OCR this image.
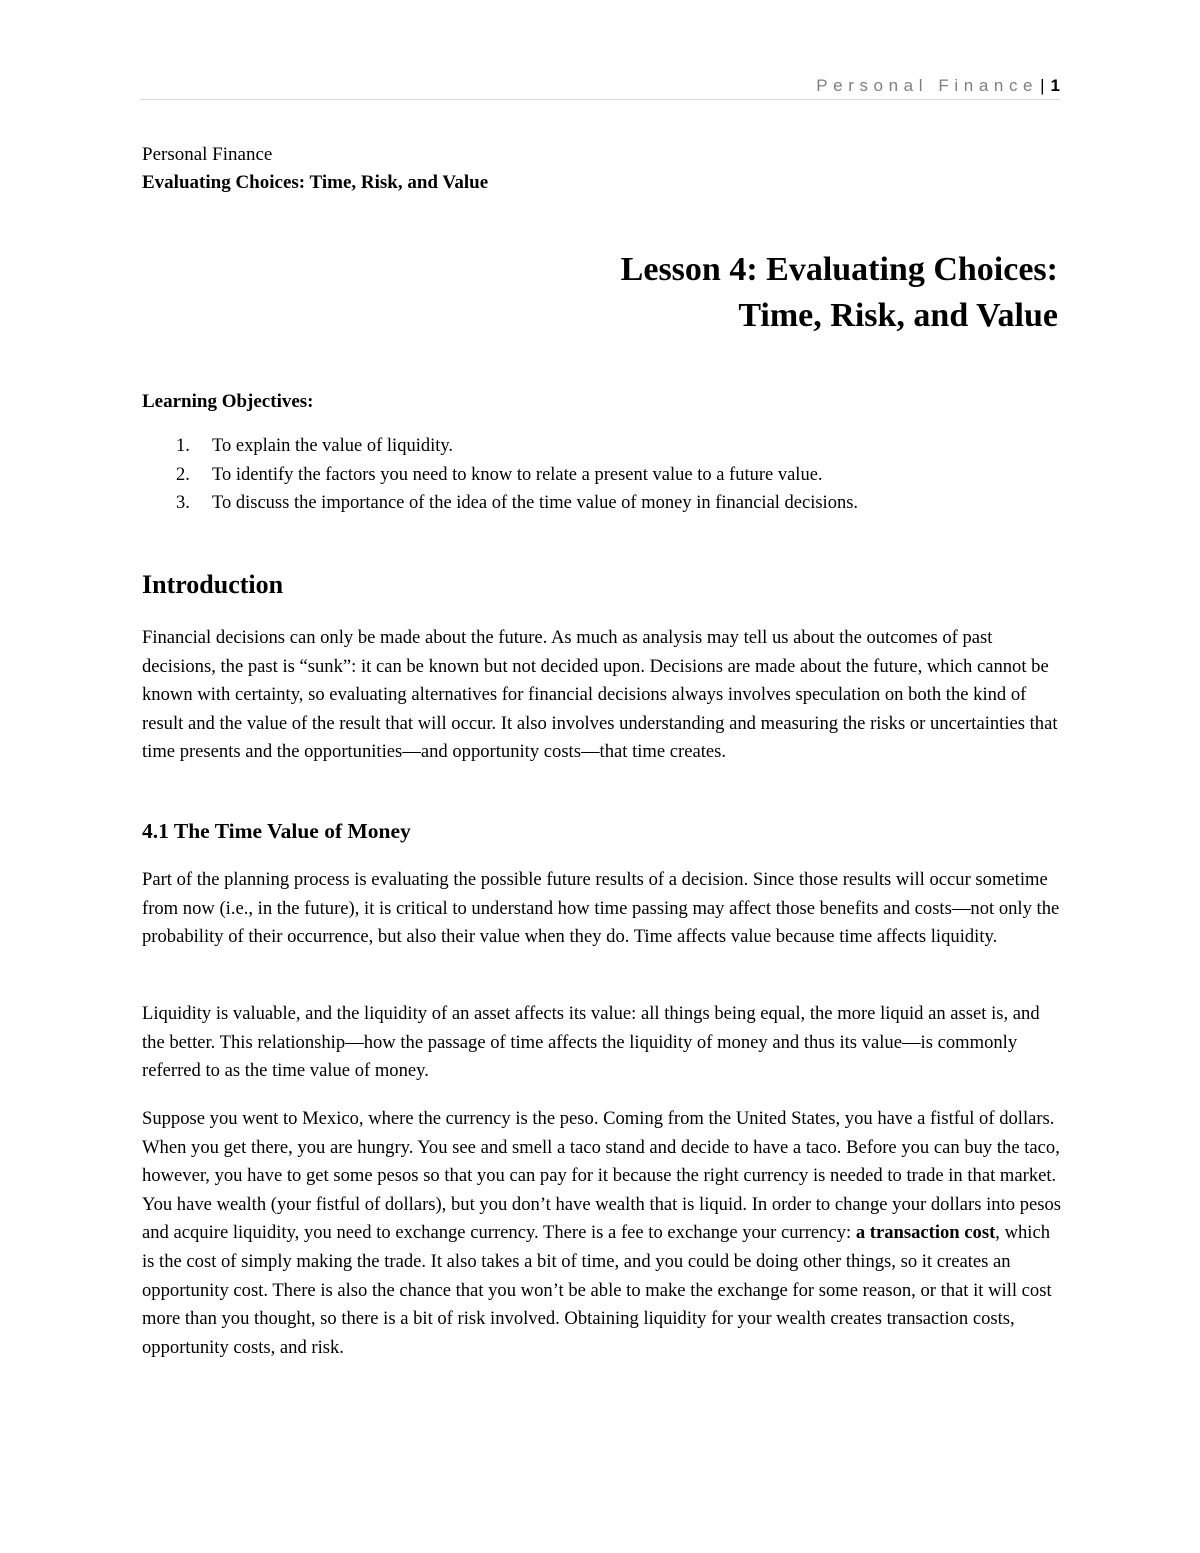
Personal Finance | 1
Personal Finance
Evaluating Choices: Time, Risk, and Value
Lesson 4: Evaluating Choices:
Time, Risk, and Value
Learning Objectives:
1. To explain the value of liquidity.
2. To identify the factors you need to know to relate a present value to a future value.
3. To discuss the importance of the idea of the time value of money in financial decisions.
Introduction

Financial decisions can only be made about the future. As much as analysis may tell us about the outcomes of past decisions, the past is “sunk”: it can be known but not decided upon. Decisions are made about the future, which cannot be known with certainty, so evaluating alternatives for financial decisions always involves speculation on both the kind of result and the value of the result that will occur. It also involves understanding and measuring the risks or uncertainties that time presents and the opportunities—and opportunity costs—that time creates.

4.1 The Time Value of Money

Part of the planning process is evaluating the possible future results of a decision. Since those results will occur sometime from now (i.e., in the future), it is critical to understand how time passing may affect those benefits and costs—not only the probability of their occurrence, but also their value when they do. Time affects value because time affects liquidity.

Liquidity is valuable, and the liquidity of an asset affects its value: all things being equal, the more liquid an asset is, and the better. This relationship—how the passage of time affects the liquidity of money and thus its value—is commonly referred to as the time value of money.

Suppose you went to Mexico, where the currency is the peso. Coming from the United States, you have a fistful of dollars. When you get there, you are hungry. You see and smell a taco stand and decide to have a taco. Before you can buy the taco, however, you have to get some pesos so that you can pay for it because the right currency is needed to trade in that market. You have wealth (your fistful of dollars), but you don’t have wealth that is liquid. In order to change your dollars into pesos and acquire liquidity, you need to exchange currency. There is a fee to exchange your currency: a transaction cost, which is the cost of simply making the trade. It also takes a bit of time, and you could be doing other things, so it creates an opportunity cost. There is also the chance that you won’t be able to make the exchange for some reason, or that it will cost more than you thought, so there is a bit of risk involved. Obtaining liquidity for your wealth creates transaction costs, opportunity costs, and risk.
